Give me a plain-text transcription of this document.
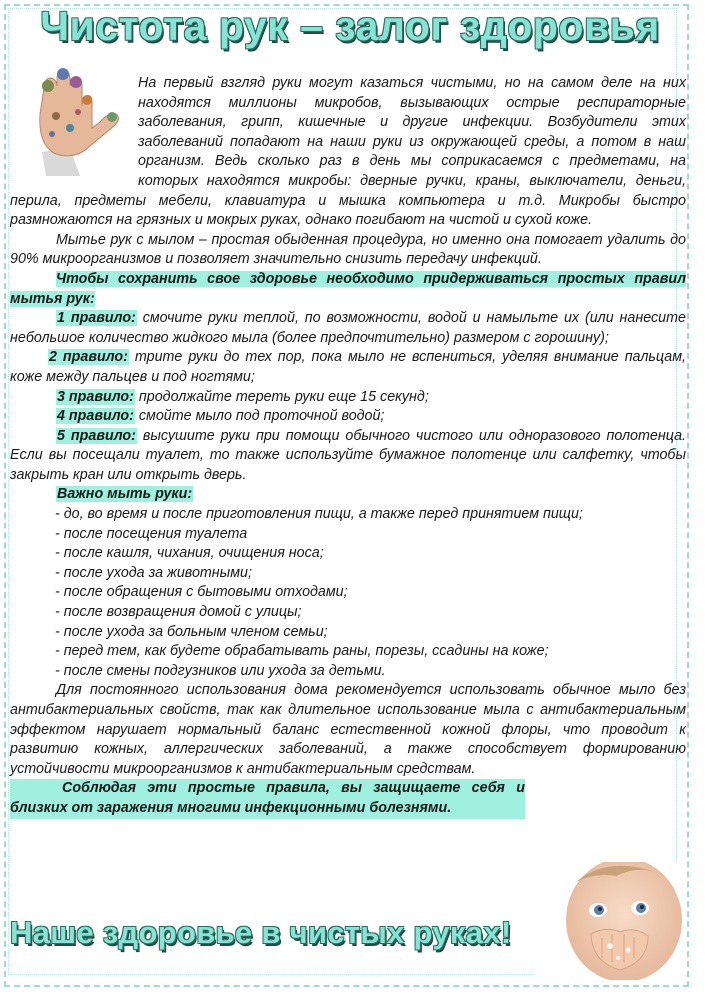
Чистота рук – залог здоровья

На первый взгляд руки могут казаться чистыми, но на самом деле на них находятся миллионы микробов, вызывающих острые респираторные заболевания, грипп, кишечные и другие инфекции. Возбудители этих заболеваний попадают на наши руки из окружающей среды, а потом в наш организм. Ведь сколько раз в день мы соприкасаемся с предметами, на которых находятся микробы: дверные ручки, краны, выключатели, деньги, перила, предметы мебели, клавиатура и мышка компьютера и т.д. Микробы быстро размножаются на грязных и мокрых руках, однако погибают на чистой и сухой коже.

Мытье рук с мылом – простая обыденная процедура, но именно она помогает удалить до 90% микроорганизмов и позволяет значительно снизить передачу инфекций.

Чтобы сохранить свое здоровье необходимо придерживаться простых правил мытья рук:

1 правило: смочите руки теплой, по возможности, водой и намыльте их (или нанесите небольшое количество жидкого мыла (более предпочтительно) размером с горошину);

2 правило: трите руки до тех пор, пока мыло не вспениться, уделяя внимание пальцам, коже между пальцев и под ногтями;

3 правило: продолжайте тереть руки еще 15 секунд;

4 правило: смойте мыло под проточной водой;

5 правило: высушите руки при помощи обычного чистого или одноразового полотенца. Если вы посещали туалет, то также используйте бумажное полотенце или салфетку, чтобы закрыть кран или открыть дверь.

Важно мыть руки:

- до, во время и после приготовления пищи, а также перед принятием пищи;

- после посещения туалета

- после кашля, чихания, очищения носа;

- после ухода за животными;

- после обращения с бытовыми отходами;

- после возвращения домой с улицы;

- после ухода за больным членом семьи;

- перед тем, как будете обрабатывать раны, порезы, ссадины на коже;

- после смены подгузников или ухода за детьми.

Для постоянного использования дома рекомендуется использовать обычное мыло без антибактериальных свойств, так как длительное использование мыла с антибактериальным эффектом нарушает нормальный баланс естественной кожной флоры, что проводит к развитию кожных, аллергических заболеваний, а также способствует формированию устойчивости микроорганизмов к антибактериальным средствам.

Соблюдая эти простые правила, вы защищаете себя и близких от заражения многими инфекционными болезнями.

Наше здоровье в чистых руках!
